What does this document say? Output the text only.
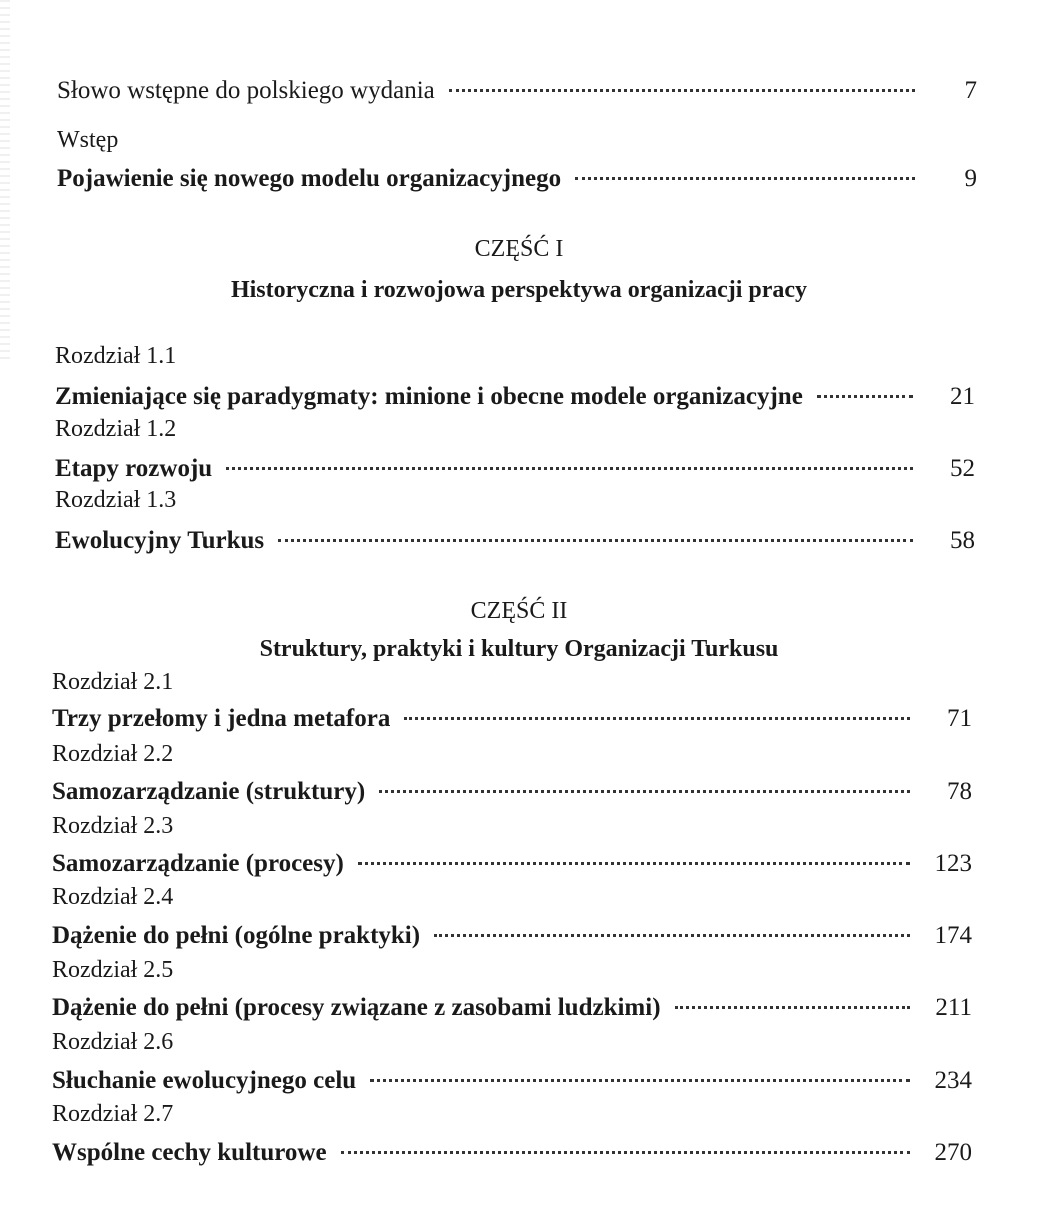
Słowo wstępne do polskiego wydania	7
Wstęp
Pojawienie się nowego modelu organizacyjnego	9
CZĘŚĆ I
Historyczna i rozwojowa perspektywa organizacji pracy
Rozdział 1.1
Zmieniające się paradygmaty: minione i obecne modele organizacyjne	21
Rozdział 1.2
Etapy rozwoju	52
Rozdział 1.3
Ewolucyjny Turkus	58
CZĘŚĆ II
Struktury, praktyki i kultury Organizacji Turkusu
Rozdział 2.1
Trzy przełomy i jedna metafora	71
Rozdział 2.2
Samozarządzanie (struktury)	78
Rozdział 2.3
Samozarządzanie (procesy)	123
Rozdział 2.4
Dążenie do pełni (ogólne praktyki)	174
Rozdział 2.5
Dążenie do pełni (procesy związane z zasobami ludzkimi)	211
Rozdział 2.6
Słuchanie ewolucyjnego celu	234
Rozdział 2.7
Wspólne cechy kulturowe	270
